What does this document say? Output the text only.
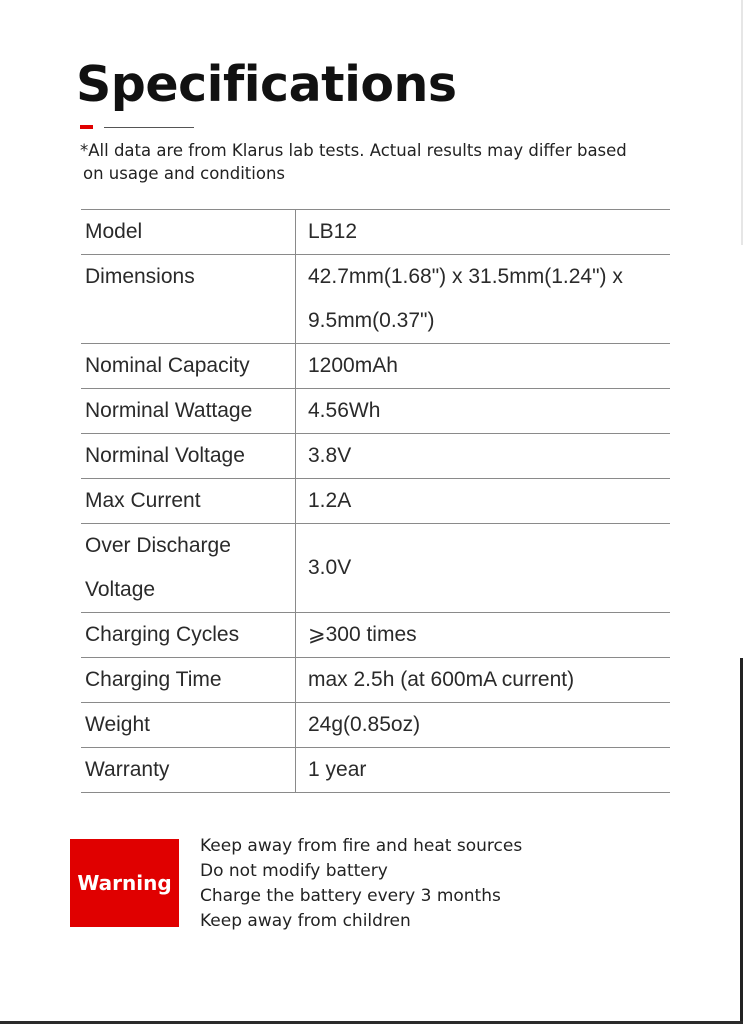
Specifications
*All data are from Klarus lab tests. Actual results may differ based
on usage and conditions
Model	LB12
Dimensions	42.7mm(1.68") x 31.5mm(1.24") x
9.5mm(0.37")

Nominal Capacity	1200mAh
Norminal Wattage	4.56Wh
Norminal Voltage	3.8V
Max Current	1.2A

Over Discharge
Voltage	3.0V
Charging Cycles	⩾300 times
Charging Time	max 2.5h (at 600mA current)
Weight	24g(0.85oz)
Warranty	1 year
Warning
Keep away from fire and heat sources
Do not modify battery
Charge the battery every 3 months
Keep away from children
